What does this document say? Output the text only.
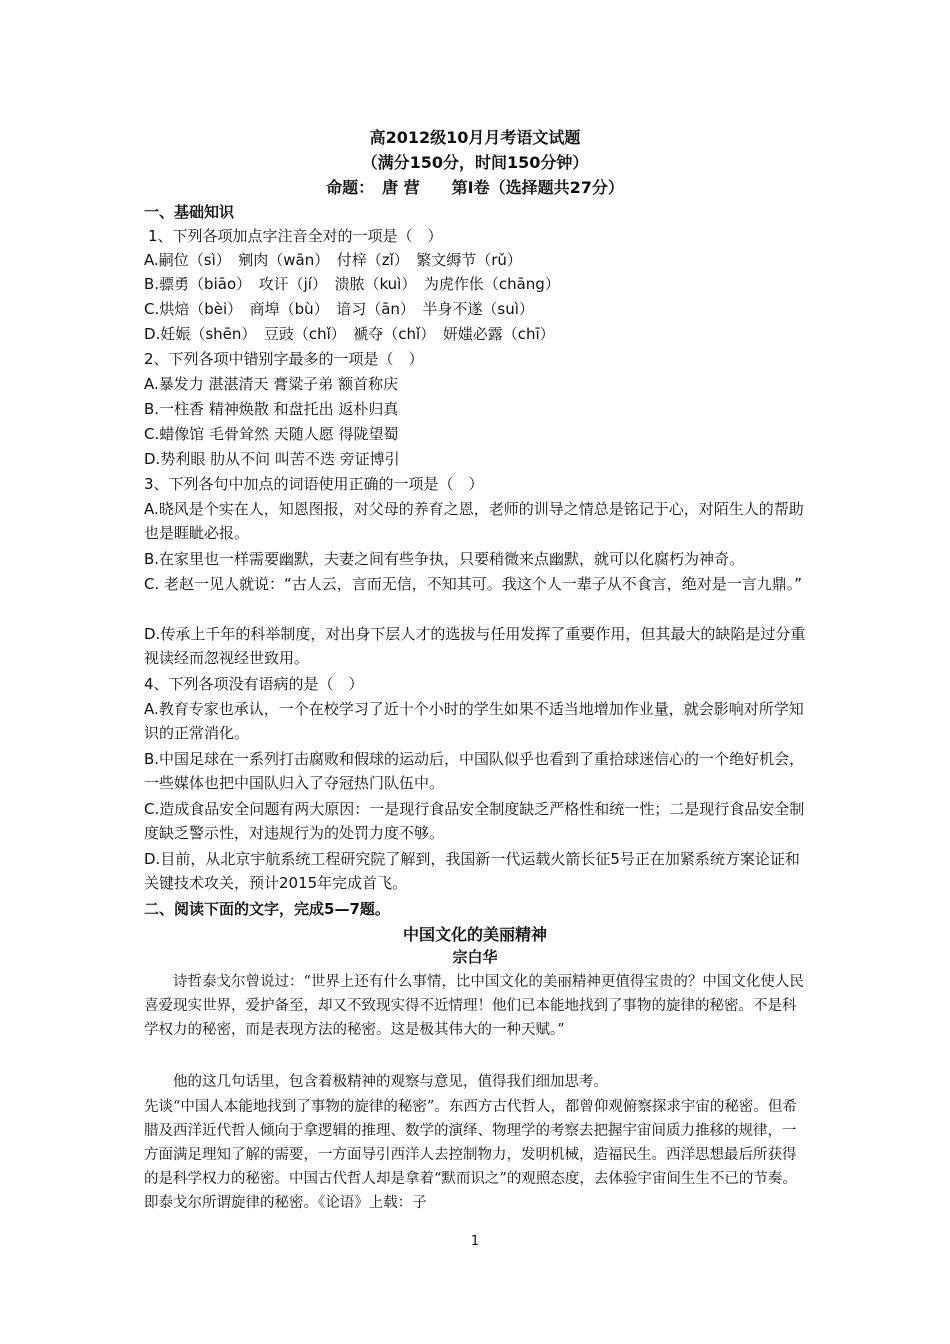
高2012级10月月考语文试题
（满分150分，时间150分钟）
命题：　唐 营　　第Ⅰ卷（选择题共27分）
一、基础知识
1、下列各项加点字注音全对的一项是（　）
A.嗣位（sì）　剜肉（wān）　付梓（zǐ）　繁文缛节（rǔ）
B.骠勇（biāo）　攻讦（jí）　溃脓（kuì）　为虎作伥（chāng）
C.烘焙（bèi）　商埠（bù）　谙习（ān）　半身不遂（suì）
D.妊娠（shēn）　豆豉（chǐ）　褫夺（chǐ）　妍媸必露（chī）
2、下列各项中错别字最多的一项是（　）
A.暴发力 湛湛清天 膏粱子弟 额首称庆
B.一柱香 精神焕散 和盘托出 返朴归真
C.蜡像馆 毛骨耸然 天随人愿 得陇望蜀
D.势利眼 肋从不问 叫苦不迭 旁证博引
3、下列各句中加点的词语使用正确的一项是（　）
A.晓风是个实在人，知恩图报，对父母的养育之恩，老师的训导之情总是铭记于心，对陌生人的帮助也是睚眦必报。
B.在家里也一样需要幽默，夫妻之间有些争执，只要稍微来点幽默，就可以化腐朽为神奇。
C. 老赵一见人就说：“古人云，言而无信，不知其可。我这个人一辈子从不食言，绝对是一言九鼎。”
D.传承上千年的科举制度，对出身下层人才的选拔与任用发挥了重要作用，但其最大的缺陷是过分重视读经而忽视经世致用。
4、下列各项没有语病的是（　）
A.教育专家也承认，一个在校学习了近十个小时的学生如果不适当地增加作业量，就会影响对所学知识的正常消化。
B.中国足球在一系列打击腐败和假球的运动后，中国队似乎也看到了重拾球迷信心的一个绝好机会，一些媒体也把中国队归入了夺冠热门队伍中。
C.造成食品安全问题有两大原因：一是现行食品安全制度缺乏严格性和统一性；二是现行食品安全制度缺乏警示性，对违规行为的处罚力度不够。
D.目前，从北京宇航系统工程研究院了解到，我国新一代运载火箭长征5号正在加紧系统方案论证和关键技术攻关，预计2015年完成首飞。
二、阅读下面的文字，完成5—7题。
中国文化的美丽精神
宗白华
诗哲泰戈尔曾说过：“世界上还有什么事情，比中国文化的美丽精神更值得宝贵的？中国文化使人民喜爱现实世界，爱护备至，却又不致现实得不近情理！他们已本能地找到了事物的旋律的秘密。不是科学权力的秘密，而是表现方法的秘密。这是极其伟大的一种天赋。”
他的这几句话里，包含着极精神的观察与意见，值得我们细加思考。
先谈“中国人本能地找到了事物的旋律的秘密”。东西方古代哲人，都曾仰观俯察探求宇宙的秘密。但希腊及西洋近代哲人倾向于拿逻辑的推理、数学的演绎、物理学的考察去把握宇宙间质力推移的规律，一方面满足理知了解的需要，一方面导引西洋人去控制物力，发明机械，造福民生。西洋思想最后所获得的是科学权力的秘密。中国古代哲人却是拿着“默而识之”的观照态度，去体验宇宙间生生不已的节奏。即泰戈尔所谓旋律的秘密。《论语》上载：子
1
